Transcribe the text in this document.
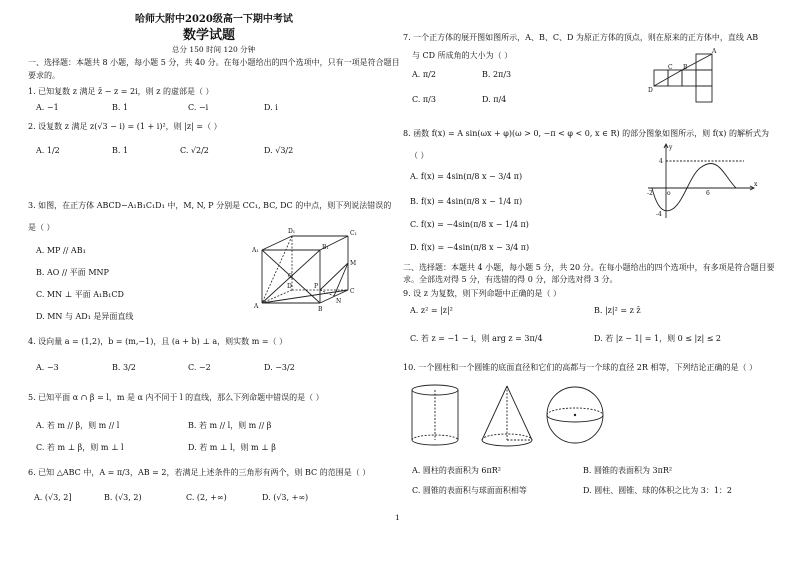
哈师大附中2020级高一下期中考试
数学试题
总分 150 时间 120 分钟
一、选择题：本题共 8 小题，每小题 5 分，共 40 分。在每小题给出的四个选项中，只有一项是符合题目
要求的。
1. 已知复数 z 满足 z̄ − z = 2i，则 z 的虚部是（ ）
A. −1	B. 1	C. −i	D. i
2. 设复数 z 满足 z(√3 − i) = (1 + i)²，则 |z| =（ ）
A. 1/2	B. 1	C. √2/2	D. √3/2
3. 如图，在正方体 ABCD−A₁B₁C₁D₁ 中，M, N, P 分别是 CC₁, BC, DC 的中点，则下列说法错误的
是（ ）
A. MP // AB₁
B. AO // 平面 MNP
C. MN ⊥ 平面 A₁B₁CD
D. MN 与 AD₁ 是异面直线
A₁
D₁	C₁
B₁
A	B
C
D
M
N
P
O
4. 设向量 a = (1,2)，b = (m,−1)，且 (a + b) ⊥ a，则实数 m =（ ）
A. −3	B. 3/2	C. −2	D. −3/2
5. 已知平面 α ∩ β = l，m 是 α 内不同于 l 的直线，那么下列命题中错误的是（ ）
A. 若 m // β，则 m // l	B. 若 m // l，则 m // β
C. 若 m ⊥ β，则 m ⊥ l	D. 若 m ⊥ l，则 m ⊥ β
6. 已知 △ABC 中，A = π/3，AB = 2，若满足上述条件的三角形有两个，则 BC 的范围是（ ）
A. (√3, 2]	B. (√3, 2)	C. (2, +∞)	D. (√3, +∞)
7. 一个正方体的展开图如图所示，A、B、C、D 为原正方体的顶点，则在原来的正方体中，直线 AB
与 CD 所成角的大小为（ ）
A. π/2	B. 2π/3
C. π/3	D. π/4
A
B
C
D
8. 函数 f(x) = A sin(ωx + φ)(ω > 0, −π < φ < 0, x ∈ R) 的部分图象如图所示，则 f(x) 的解析式为
（ ）
A. f(x) = 4sin(π/8 x − 3/4 π)
B. f(x) = 4sin(π/8 x − 1/4 π)
C. f(x) = −4sin(π/8 x − 1/4 π)
D. f(x) = −4sin(π/8 x − 3/4 π)
y
x
o
4
-2	6
-4
二、选择题：本题共 4 小题，每小题 5 分，共 20 分。在每小题给出的四个选项中，有多项是符合题目要
求。全部选对得 5 分，有选错的得 0 分，部分选对得 3 分。
9. 设 z 为复数，则下列命题中正确的是（ ）
A. z² = |z|²	B. |z|² = z z̄
C. 若 z = −1 − i，则 arg z = 3π/4	D. 若 |z − 1| = 1，则 0 ≤ |z| ≤ 2
10. 一个圆柱和一个圆锥的底面直径和它们的高都与一个球的直径 2R 相等，下列结论正确的是（ ）
A. 圆柱的表面积为 6πR²	B. 圆锥的表面积为 3πR²
C. 圆锥的表面积与球面面积相等	D. 圆柱、圆锥、球的体积之比为 3：1：2
1
